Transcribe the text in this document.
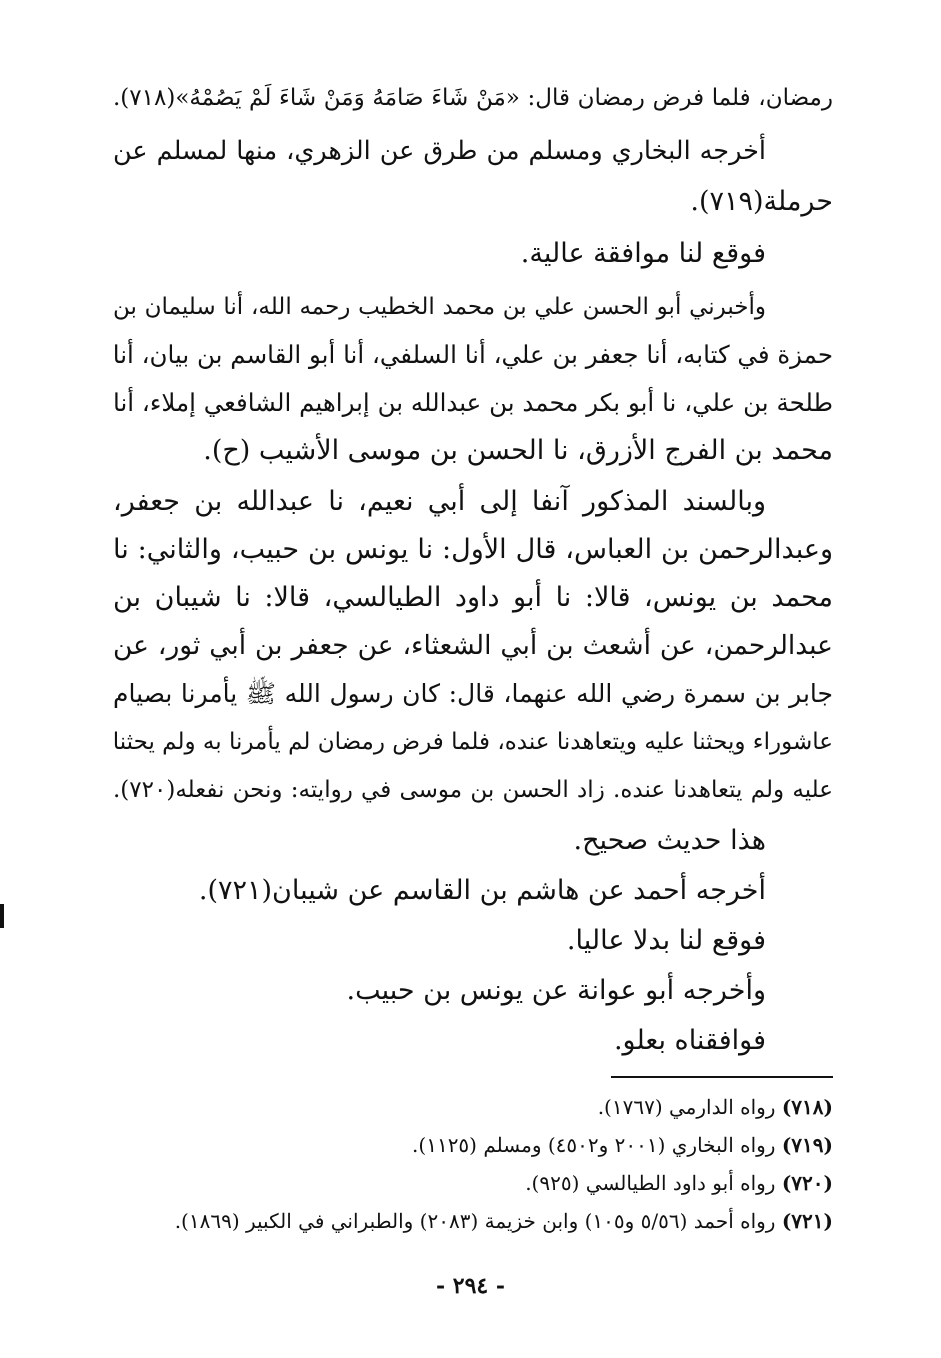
رمضان، فلما فرض رمضان قال: «مَنْ شَاءَ صَامَهُ وَمَنْ شَاءَ لَمْ يَصُمْهُ»(٧١٨).
أخرجه البخاري ومسلم من طرق عن الزهري، منها لمسلم عن
حرملة(٧١٩).
فوقع لنا موافقة عالية.
وأخبرني أبو الحسن علي بن محمد الخطيب رحمه الله، أنا سليمان بن
حمزة في كتابه، أنا جعفر بن علي، أنا السلفي، أنا أبو القاسم بن بيان، أنا
طلحة بن علي، نا أبو بكر محمد بن عبدالله بن إبراهيم الشافعي إملاء، أنا
محمد بن الفرج الأزرق، نا الحسن بن موسى الأشيب (ح).
وبالسند المذكور آنفا إلى أبي نعيم، نا عبدالله بن جعفر،
وعبدالرحمن بن العباس، قال الأول: نا يونس بن حبيب، والثاني: نا
محمد بن يونس، قالا: نا أبو داود الطيالسي، قالا: نا شيبان بن
عبدالرحمن، عن أشعث بن أبي الشعثاء، عن جعفر بن أبي ثور، عن
جابر بن سمرة رضي الله عنهما، قال: كان رسول الله ﷺ يأمرنا بصيام
عاشوراء ويحثنا عليه ويتعاهدنا عنده، فلما فرض رمضان لم يأمرنا به ولم يحثنا
عليه ولم يتعاهدنا عنده. زاد الحسن بن موسى في روايته: ونحن نفعله(٧٢٠).
هذا حديث صحيح.
أخرجه أحمد عن هاشم بن القاسم عن شيبان(٧٢١).
فوقع لنا بدلا عاليا.
وأخرجه أبو عوانة عن يونس بن حبيب.
فوافقناه بعلو.
(٧١٨) رواه الدارمي (١٧٦٧).
(٧١٩) رواه البخاري (٢٠٠١ و٤٥٠٢) ومسلم (١١٢٥).
(٧٢٠) رواه أبو داود الطيالسي (٩٢٥).
(٧٢١) رواه أحمد (٥/٥٦ و١٠٥) وابن خزيمة (٢٠٨٣) والطبراني في الكبير (١٨٦٩).
- ٢٩٤ -
